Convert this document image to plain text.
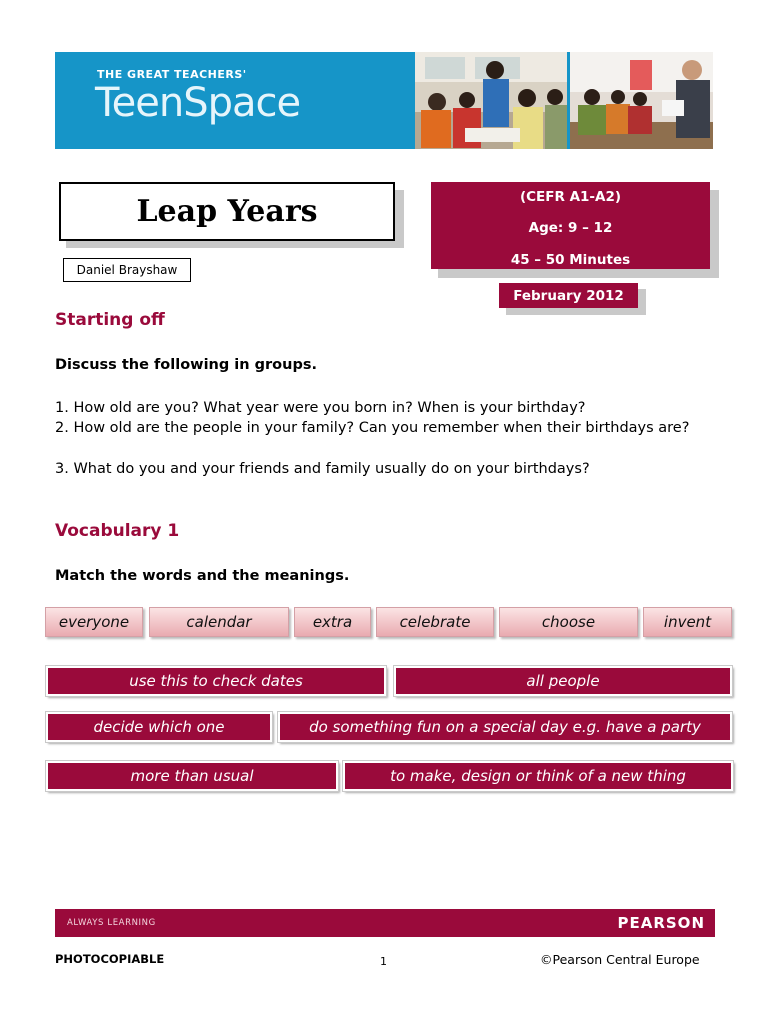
THE GREAT TEACHERS'
TeenSpace
Leap Years
Daniel Brayshaw
(CEFR A1-A2)
Age: 9 – 12
45 – 50 Minutes
February 2012
Starting off
Discuss the following in groups.
1. How old are you? What year were you born in? When is your birthday?
2. How old are the people in your family? Can you remember when their birthdays are?
3. What do you and your friends and family usually do on your birthdays?
Vocabulary 1
Match the words and the meanings.
everyone	calendar	extra	celebrate	choose	invent
use this to check dates	all people
decide which one	do something fun on a special day e.g. have a party
more than usual	to make, design or think of a new thing
ALWAYS LEARNING	PEARSON
PHOTOCOPIABLE	1	©Pearson Central Europe
